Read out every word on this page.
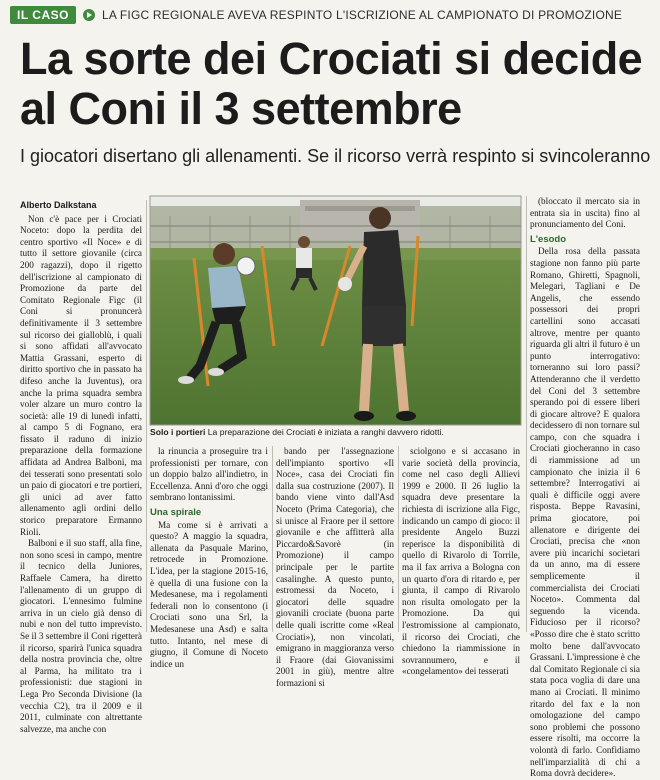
IL CASO	LA FIGC REGIONALE AVEVA RESPINTO L'ISCRIZIONE AL CAMPIONATO DI PROMOZIONE
La sorte dei Crociati si decide
al Coni il 3 settembre
I giocatori disertano gli allenamenti. Se il ricorso verrà respinto si svincoleranno
Alberto Dalkstana

Non c'è pace per i Crociati Noceto: dopo la perdita del centro sportivo «Il Noce» e di tutto il settore giovanile (circa 200 ragazzi), dopo il rigetto dell'iscrizione al campionato di Promozione da parte del Comitato Regionale Figc (il Coni si pronuncerà definitivamente il 3 settembre sul ricorso dei gialloblù, i quali si sono affidati all'avvocato Mattia Grassani, esperto di diritto sportivo che in passato ha difeso anche la Juventus), ora anche la prima squadra sembra voler alzare un muro contro la società: alle 19 di lunedì infatti, al campo 5 di Fognano, era fissato il raduno di inizio preparazione della formazione affidata ad Andrea Balboni, ma dei tesserati sono presentati solo un paio di giocatori e tre portieri, gli unici ad aver fatto allenamento agli ordini dello storico preparatore Ermanno Rioli.

Balboni e il suo staff, alla fine, non sono scesi in campo, mentre il tecnico della Juniores, Raffaele Camera, ha diretto l'allenamento di un gruppo di giocatori. L'ennesimo fulmine arriva in un cielo già denso di nubi e non del tutto imprevisto. Se il 3 settembre il Coni rigetterà il ricorso, sparirà l'unica squadra della nostra provincia che, oltre al Parma, ha militato tra i professionisti: due stagioni in Lega Pro Seconda Divisione (la vecchia C2), tra il 2009 e il 2011, culminate con altrettante salvezze, ma anche con

Solo i portieri La preparazione dei Crociati è iniziata a ranghi davvero ridotti.

la rinuncia a proseguire tra i professionisti per tornare, con un doppio balzo all'indietro, in Eccellenza. Anni d'oro che oggi sembrano lontanissimi.

Una spirale

Ma come si è arrivati a questo? A maggio la squadra, allenata da Pasquale Marino, retrocede in Promozione. L'idea, per la stagione 2015-16, è quella di una fusione con la Medesanese, ma i regolamenti federali non lo consentono (i Crociati sono una Srl, la Medesanese una Asd) e salta tutto. Intanto, nel mese di giugno, il Comune di Noceto indice un

bando per l'assegnazione dell'impianto sportivo «Il Noce», casa dei Crociati fin dalla sua costruzione (2007). Il bando viene vinto dall'Asd Noceto (Prima Categoria), che si unisce al Fraore per il settore giovanile e che affitterà alla Piccardo&Savorè (in Promozione) il campo principale per le partite casalinghe. A questo punto, estromessi da Noceto, i giocatori delle squadre giovanili crociate (buona parte delle quali iscritte come «Real Crociati»), non vincolati, emigrano in maggioranza verso il Fraore (dai Giovanissimi 2001 in giù), mentre altre formazioni si

sciolgono e si accasano in varie società della provincia, come nel caso degli Allievi 1999 e 2000. Il 26 luglio la squadra deve presentare la richiesta di iscrizione alla Figc, indicando un campo di gioco: il presidente Angelo Buzzi reperisce la disponibilità di quello di Rivarolo di Torrile, ma il fax arriva a Bologna con un quarto d'ora di ritardo e, per giunta, il campo di Rivarolo non risulta omologato per la Promozione. Da qui l'estromissione al campionato, il ricorso dei Crociati, che chiedono la riammissione in sovrannumero, e il «congelamento» dei tesserati

(bloccato il mercato sia in entrata sia in uscita) fino al pronunciamento del Coni.

L'esodo

Della rosa della passata stagione non fanno più parte Romano, Ghiretti, Spagnoli, Melegari, Tagliani e De Angelis, che essendo possessori dei propri cartellini sono accasati altrove, mentre per quanto riguarda gli altri il futuro è un punto interrogativo: torneranno sui loro passi? Attenderanno che il verdetto del Coni del 3 settembre sperando poi di essere liberi di giocare altrove? E qualora decidessero di non tornare sul campo, con che squadra i Crociati giocheranno in caso di riammissione ad un campionato che inizia il 6 settembre? Interrogativi ai quali è difficile oggi avere risposta. Beppe Ravasini, prima giocatore, poi allenatore e dirigente dei Crociati, precisa che «non avere più incarichi societari da un anno, ma di essere semplicemente il commercialista dei Crociati Noceto». Commenta dal seguendo la vicenda. Fiducioso per il ricorso? «Posso dire che è stato scritto molto bene dall'avvocato Grassani. L'impressione è che dal Comitato Regionale ci sia stata poca voglia di dare una mano ai Crociati. Il minimo ritardo del fax e la non omologazione del campo sono problemi che possono essere risolti, ma occorre la volontà di farlo. Confidiamo nell'imparzialità di chi a Roma dovrà decidere».
